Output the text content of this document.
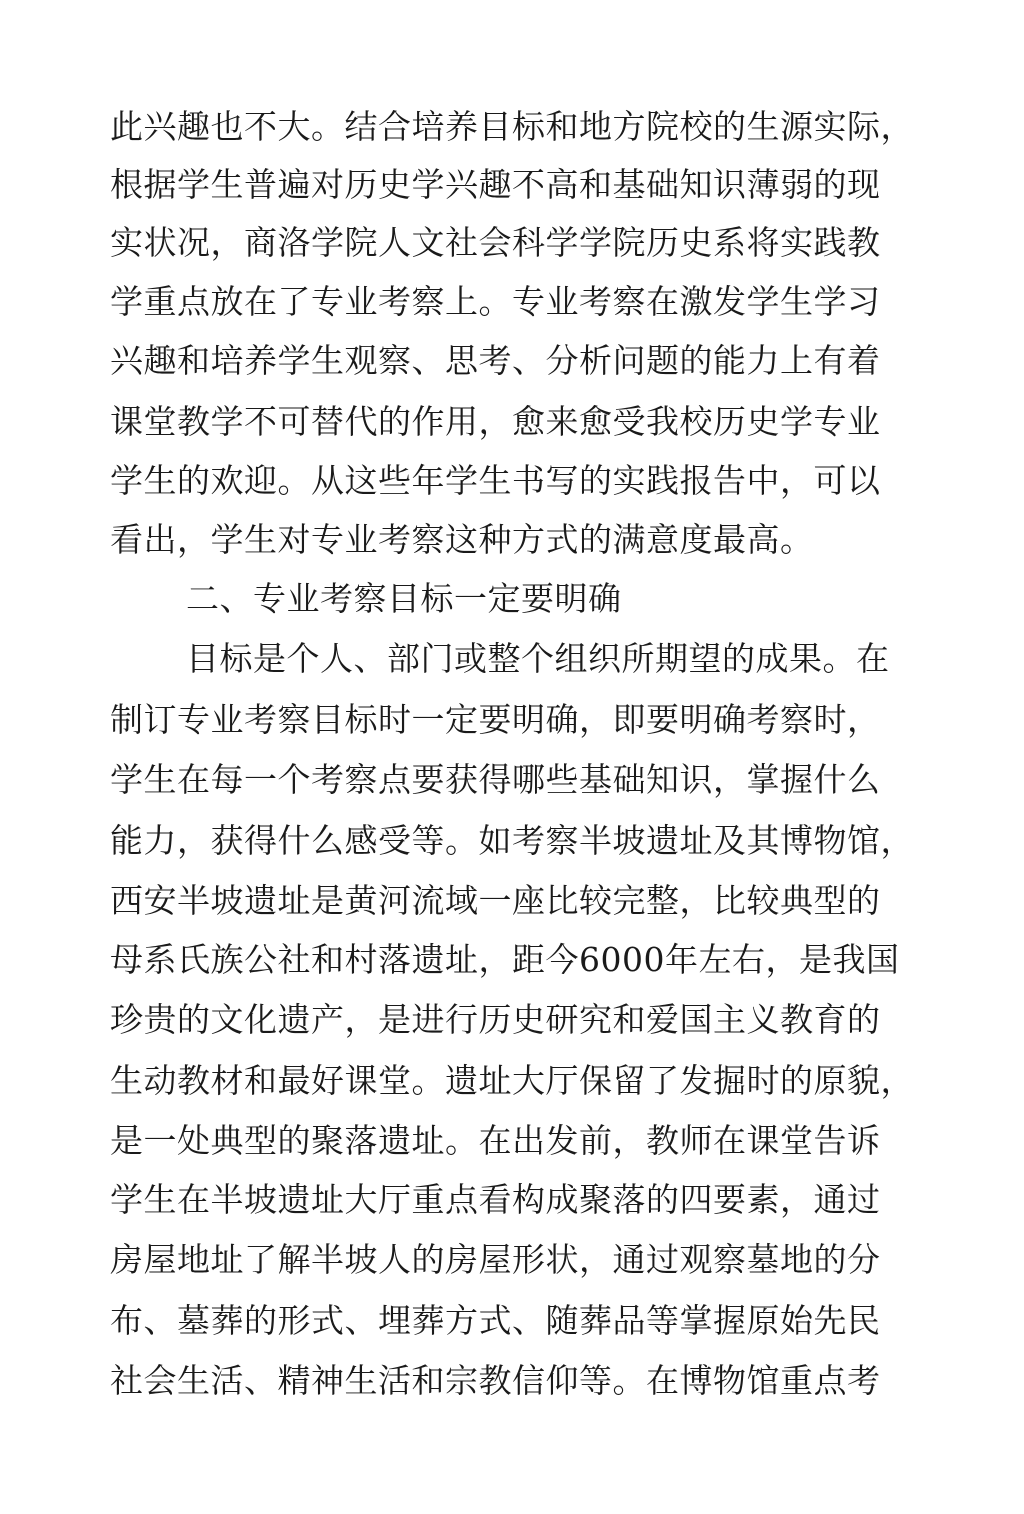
此兴趣也不大。结合培养目标和地方院校的生源实际，
根据学生普遍对历史学兴趣不高和基础知识薄弱的现
实状况，商洛学院人文社会科学学院历史系将实践教
学重点放在了专业考察上。专业考察在激发学生学习
兴趣和培养学生观察、思考、分析问题的能力上有着
课堂教学不可替代的作用，愈来愈受我校历史学专业
学生的欢迎。从这些年学生书写的实践报告中，可以
看出，学生对专业考察这种方式的满意度最高。
二、专业考察目标一定要明确
目标是个人、部门或整个组织所期望的成果。在
制订专业考察目标时一定要明确，即要明确考察时，
学生在每一个考察点要获得哪些基础知识，掌握什么
能力，获得什么感受等。如考察半坡遗址及其博物馆，
西安半坡遗址是黄河流域一座比较完整，比较典型的
母系氏族公社和村落遗址，距今6000年左右，是我国
珍贵的文化遗产，是进行历史研究和爱国主义教育的
生动教材和最好课堂。遗址大厅保留了发掘时的原貌，
是一处典型的聚落遗址。在出发前，教师在课堂告诉
学生在半坡遗址大厅重点看构成聚落的四要素，通过
房屋地址了解半坡人的房屋形状，通过观察墓地的分
布、墓葬的形式、埋葬方式、随葬品等掌握原始先民
社会生活、精神生活和宗教信仰等。在博物馆重点考
